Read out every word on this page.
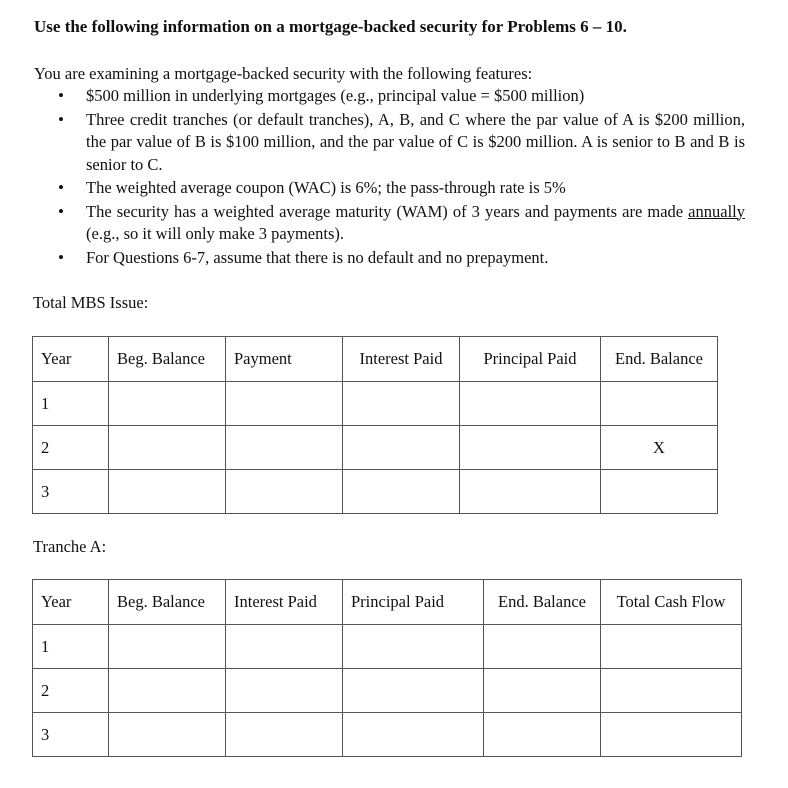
Use the following information on a mortgage-backed security for Problems 6 – 10.
You are examining a mortgage-backed security with the following features:
• $500 million in underlying mortgages (e.g., principal value = $500 million)
• Three credit tranches (or default tranches), A, B, and C where the par value of A is $200 million, the par value of B is $100 million, and the par value of C is $200 million. A is senior to B and B is senior to C.
• The weighted average coupon (WAC) is 6%; the pass-through rate is 5%
• The security has a weighted average maturity (WAM) of 3 years and payments are made annually (e.g., so it will only make 3 payments).
• For Questions 6-7, assume that there is no default and no prepayment.
Total MBS Issue:
Year	Beg. Balance	Payment	Interest Paid	Principal Paid	End. Balance
1					
2					X
3					
Tranche A:
Year	Beg. Balance	Interest Paid	Principal Paid	End. Balance	Total Cash Flow
1					
2					
3					
